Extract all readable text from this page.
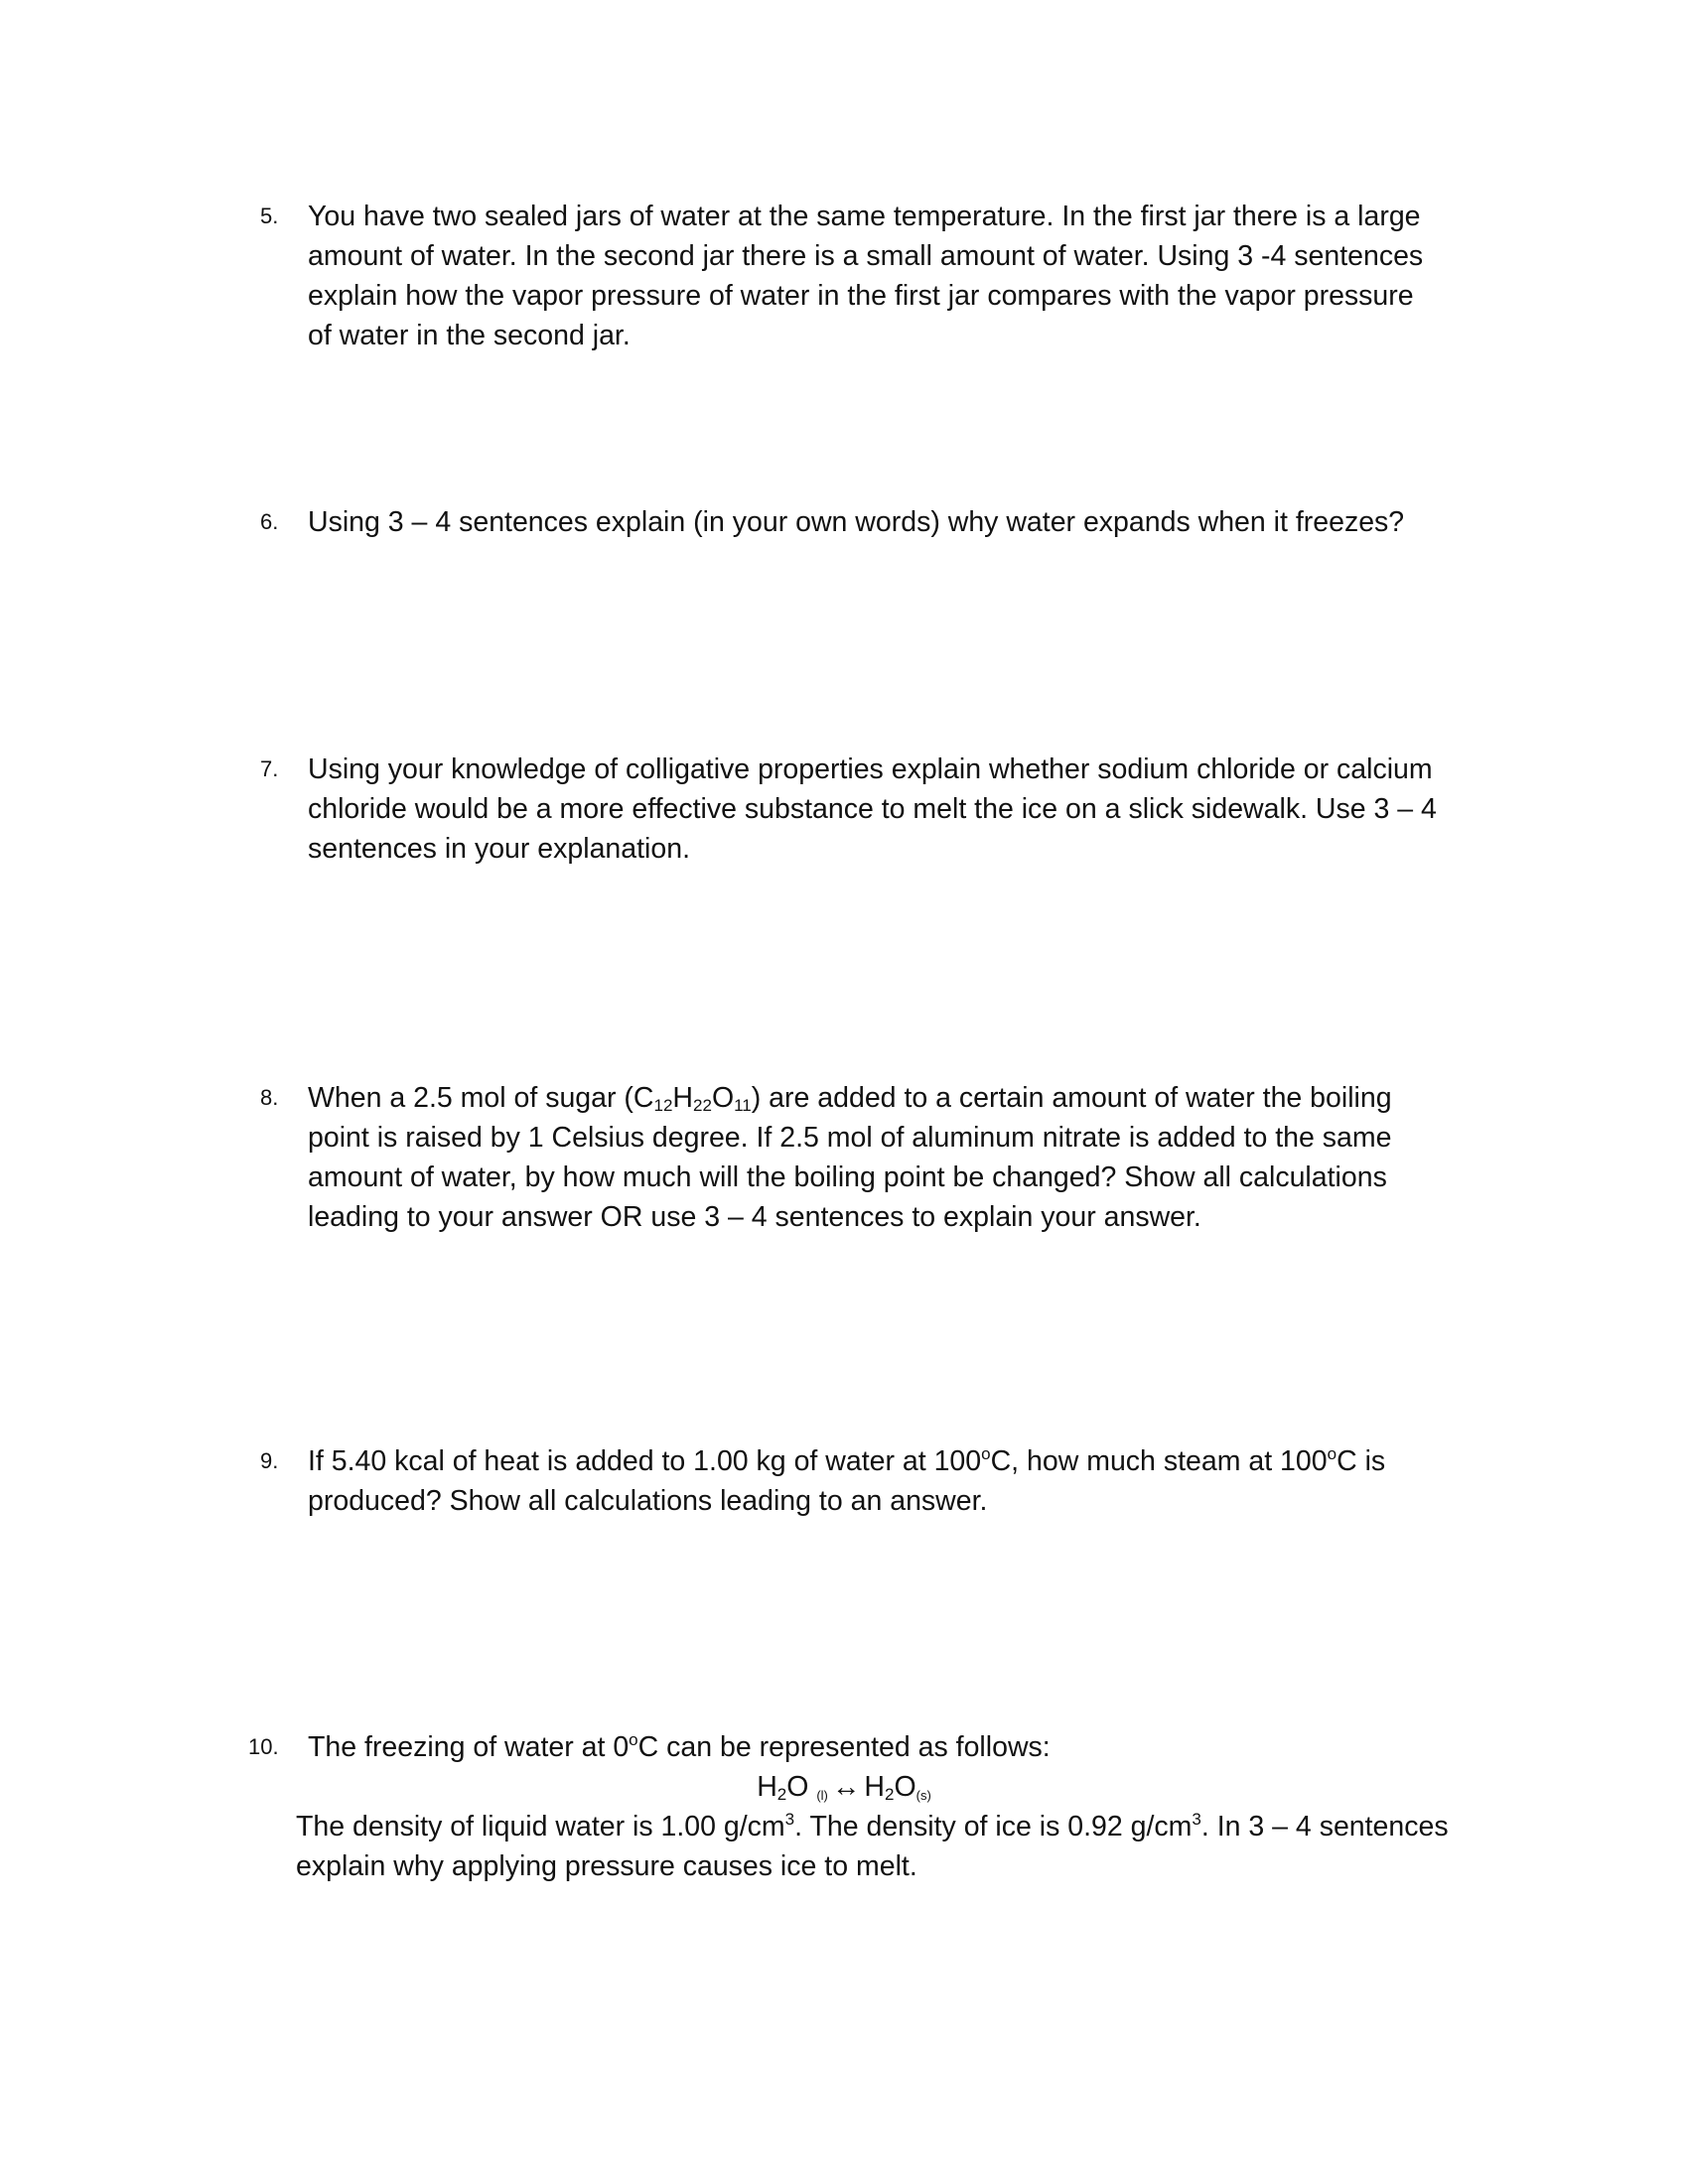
5.	You have two sealed jars of water at the same temperature. In the first jar there is a large
amount of water. In the second jar there is a small amount of water. Using 3 -4 sentences
explain how the vapor pressure of water in the first jar compares with the vapor pressure
of water in the second jar.
6.	Using 3 – 4 sentences explain (in your own words) why water expands when it freezes?
7.	Using your knowledge of colligative properties explain whether sodium chloride or calcium
chloride would be a more effective substance to melt the ice on a slick sidewalk. Use 3 – 4
sentences in your explanation.
8.	When a 2.5 mol of sugar $(C_{12}H_{22}O_{11})$ are added to a certain amount of water the boiling
point is raised by 1 Celsius degree. If 2.5 mol of aluminum nitrate is added to the same
amount of water, by how much will the boiling point be changed? Show all calculations
leading to your answer OR use 3 – 4 sentences to explain your answer.
9.	If 5.40 kcal of heat is added to 1.00 kg of water at 100$^o$C, how much steam at 100$^o$C is
produced? Show all calculations leading to an answer.
10.	The freezing of water at 0$^o$C can be represented as follows:
$H_2O$ $_{(l)}$ ↔ $H_2O_{(s)}$
The density of liquid water is 1.00 $g/cm^3$. The density of ice is 0.92 $g/cm^3$. In 3 – 4 sentences
explain why applying pressure causes ice to melt.
